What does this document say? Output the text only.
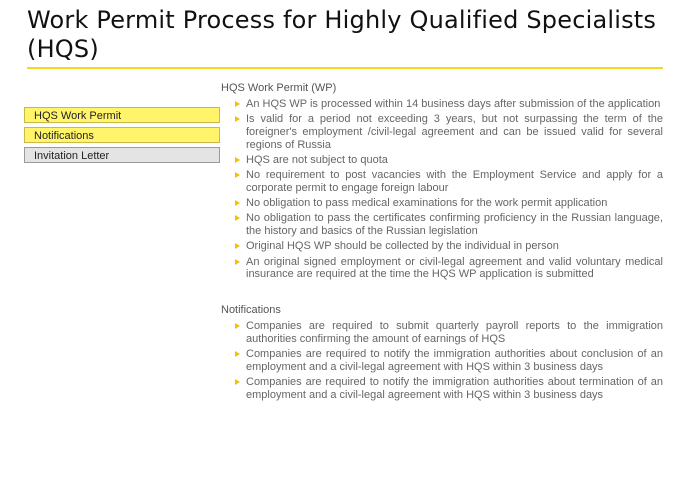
Work Permit Process for Highly Qualified Specialists (HQS)
HQS Work Permit
Notifications
Invitation Letter
HQS Work Permit (WP)
An HQS WP is processed within 14 business days after submission of the application
Is valid for a period not exceeding 3 years, but not surpassing the term of the foreigner's employment /civil-legal agreement and can be issued valid for several regions of Russia
HQS are not subject to quota
No requirement to post vacancies with the Employment Service and apply for a corporate permit to engage foreign labour
No obligation to pass medical examinations for the work permit application
No obligation to pass the certificates confirming proficiency in the Russian language, the history and basics of the Russian legislation
Original HQS WP should be collected by the individual in person
An original signed employment or civil-legal agreement and valid voluntary medical insurance are required at the time the HQS WP application is submitted
Notifications
Companies are required to submit quarterly payroll reports to the immigration authorities confirming the amount of earnings of HQS
Companies are required to notify the immigration authorities about conclusion of an employment and a civil-legal agreement with HQS within 3 business days
Companies are required to notify the immigration authorities about termination of an employment and a civil-legal agreement with HQS within 3 business days
